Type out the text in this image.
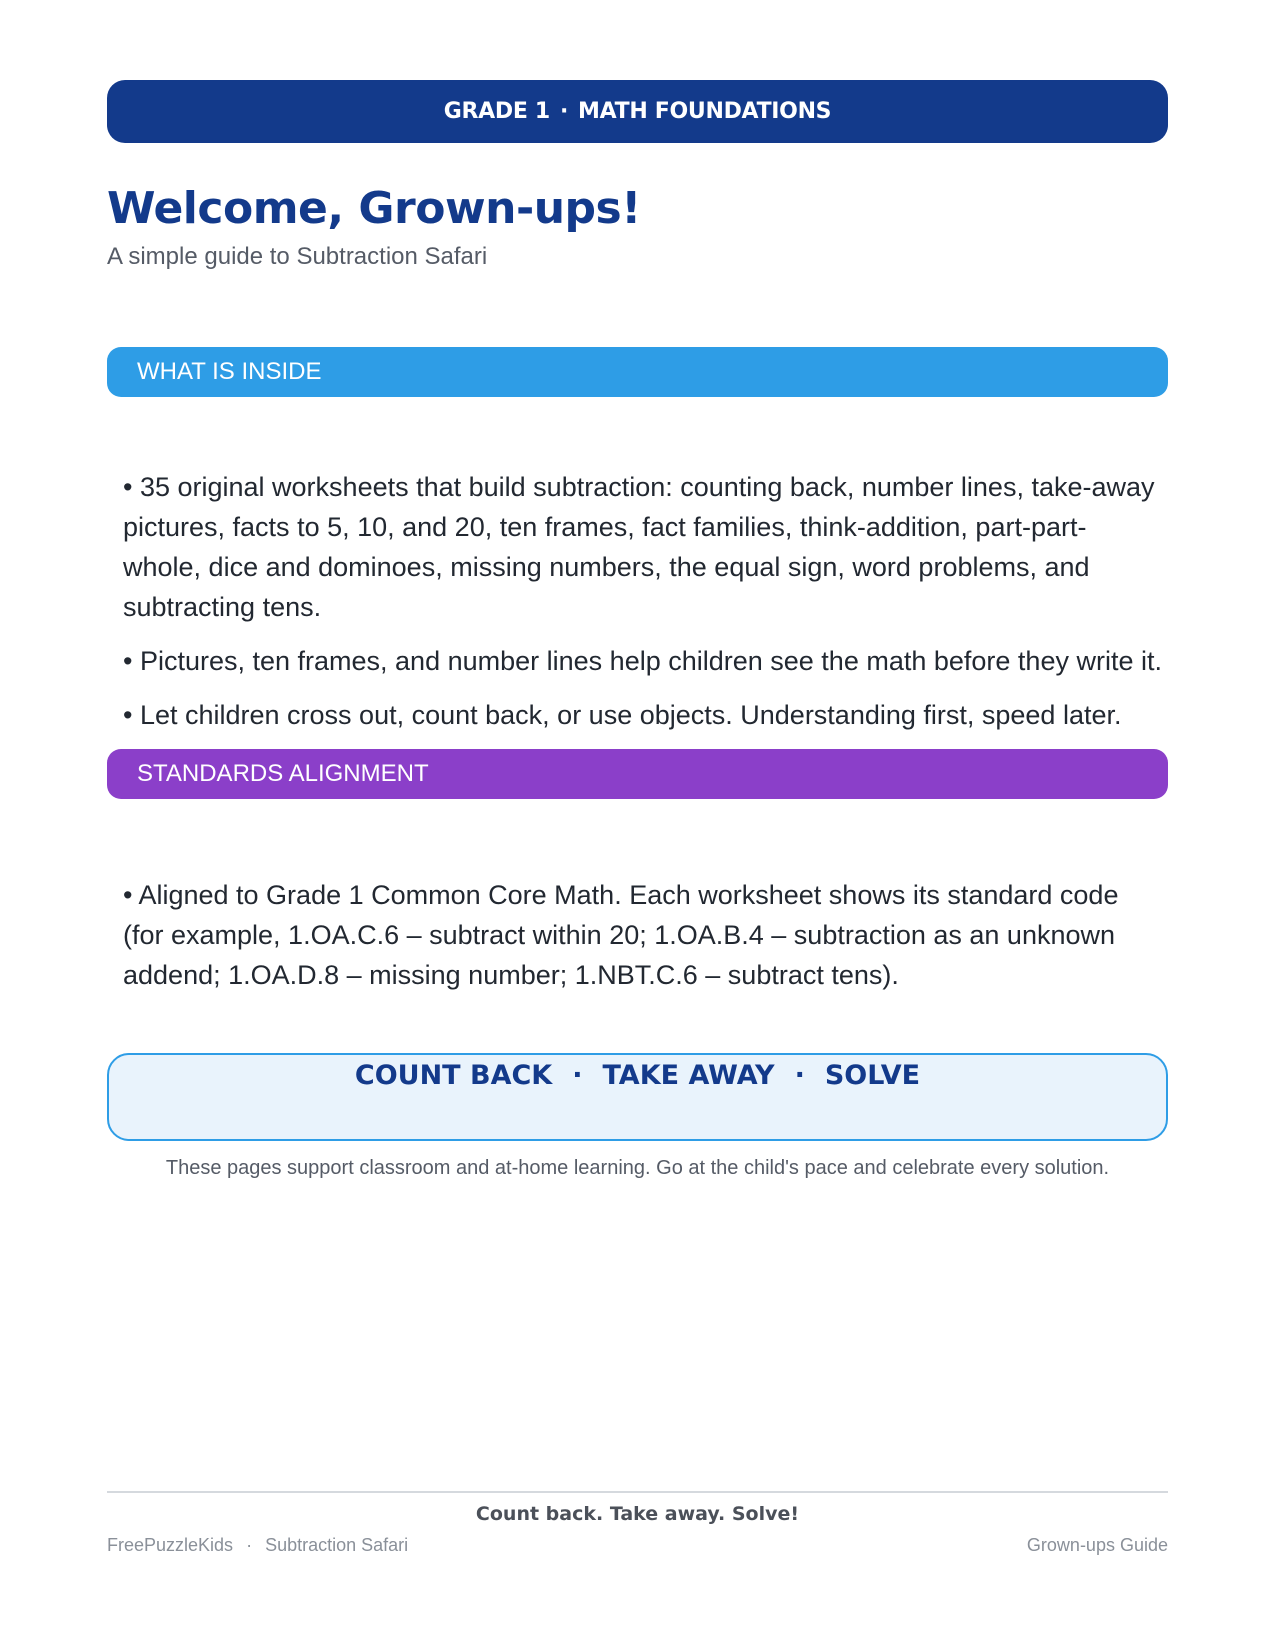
GRADE 1 · MATH FOUNDATIONS
Welcome, Grown-ups!
A simple guide to Subtraction Safari
WHAT IS INSIDE
• 35 original worksheets that build subtraction: counting back, number lines, take-away pictures, facts to 5, 10, and 20, ten frames, fact families, think-addition, part-part-whole, dice and dominoes, missing numbers, the equal sign, word problems, and subtracting tens.
• Pictures, ten frames, and number lines help children see the math before they write it.
• Let children cross out, count back, or use objects. Understanding first, speed later.
STANDARDS ALIGNMENT
• Aligned to Grade 1 Common Core Math. Each worksheet shows its standard code (for example, 1.OA.C.6 – subtract within 20; 1.OA.B.4 – subtraction as an unknown addend; 1.OA.D.8 – missing number; 1.NBT.C.6 – subtract tens).
COUNT BACK · TAKE AWAY · SOLVE
These pages support classroom and at-home learning. Go at the child's pace and celebrate every solution.
Count back. Take away. Solve!
FreePuzzleKids · Subtraction Safari	Grown-ups Guide
